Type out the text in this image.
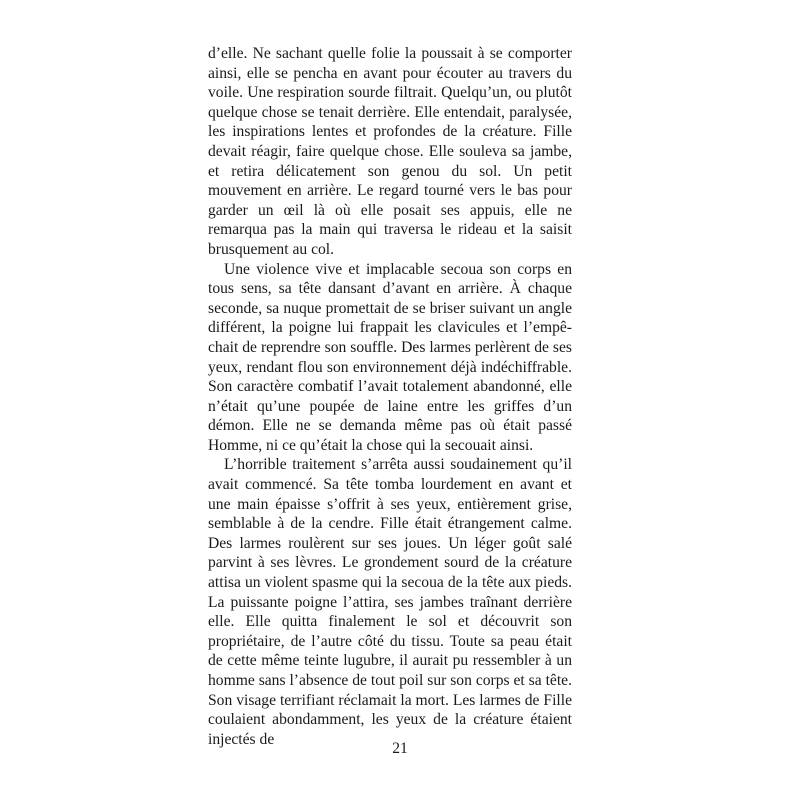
d’elle. Ne sachant quelle folie la poussait à se comporter ainsi, elle se pencha en avant pour écouter au travers du voile. Une respiration sourde filtrait. Quelqu’un, ou plutôt quelque chose se tenait derrière. Elle entendait, paralysée, les inspirations lentes et profondes de la créature. Fille devait réagir, faire quelque chose. Elle souleva sa jambe, et retira délicatement son genou du sol. Un petit mouvement en arrière. Le regard tourné vers le bas pour garder un œil là où elle posait ses appuis, elle ne remarqua pas la main qui traversa le rideau et la saisit brusquement au col.

Une violence vive et implacable secoua son corps en tous sens, sa tête dansant d’avant en arrière. À chaque seconde, sa nuque promettait de se briser suivant un angle différent, la poigne lui frappait les clavicules et l’empêchait de reprendre son souffle. Des larmes perlèrent de ses yeux, rendant flou son environnement déjà indéchiffrable. Son caractère combatif l’avait totalement abandonné, elle n’était qu’une poupée de laine entre les griffes d’un démon. Elle ne se demanda même pas où était passé Homme, ni ce qu’était la chose qui la secouait ainsi.

L’horrible traitement s’arrêta aussi soudainement qu’il avait commencé. Sa tête tomba lourdement en avant et une main épaisse s’offrit à ses yeux, entièrement grise, semblable à de la cendre. Fille était étrangement calme. Des larmes roulèrent sur ses joues. Un léger goût salé parvint à ses lèvres. Le grondement sourd de la créature attisa un violent spasme qui la secoua de la tête aux pieds. La puissante poigne l’attira, ses jambes traînant derrière elle. Elle quitta finalement le sol et découvrit son propriétaire, de l’autre côté du tissu. Toute sa peau était de cette même teinte lugubre, il aurait pu ressembler à un homme sans l’absence de tout poil sur son corps et sa tête. Son visage terrifiant réclamait la mort. Les larmes de Fille coulaient abondamment, les yeux de la créature étaient injectés de

21
